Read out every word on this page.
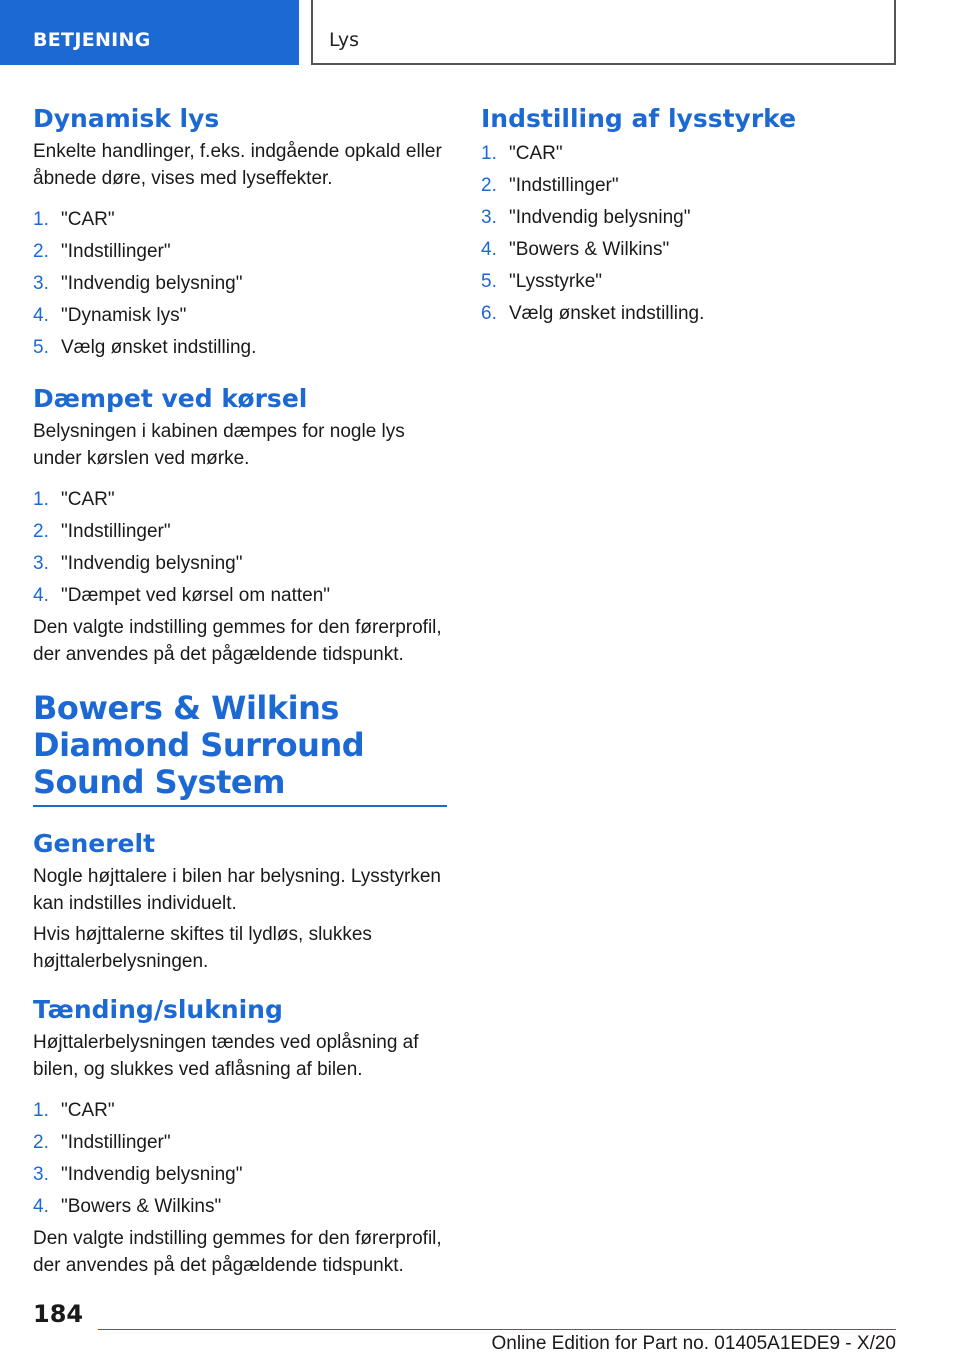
BETJENING	Lys
Dynamisk lys

Enkelte handlinger, f.eks. indgående opkald eller åbnede døre, vises med lyseffekter.

1 . "CAR"
2 . "Indstillinger"
3 . "Indvendig belysning"
4 . "Dynamisk lys"
5 . Vælg ønsket indstilling.
Dæmpet ved kørsel

Belysningen i kabinen dæmpes for nogle lys under kørslen ved mørke.

1 . "CAR"
2 . "Indstillinger"
3 . "Indvendig belysning"
4 . "Dæmpet ved kørsel om natten"

Den valgte indstilling gemmes for den førerprofil, der anvendes på det pågældende tidspunkt.

Bowers & Wilkins Diamond Surround Sound System
Generelt

Nogle højttalere i bilen har belysning. Lysstyrken kan indstilles individuelt.

Hvis højttalerne skiftes til lydløs, slukkes højttalerbelysningen.

Tænding/slukning

Højttalerbelysningen tændes ved oplåsning af bilen, og slukkes ved aflåsning af bilen.

1 . "CAR"
2 . "Indstillinger"
3 . "Indvendig belysning"
4 . "Bowers & Wilkins"

Den valgte indstilling gemmes for den førerprofil, der anvendes på det pågældende tidspunkt.

Indstilling af lysstyrke
1 . "CAR"
2 . "Indstillinger"
3 . "Indvendig belysning"
4 . "Bowers & Wilkins"
5 . "Lysstyrke"
6 . Vælg ønsket indstilling.
184
Online Edition for Part no. 01405A1EDE9 - X/20
